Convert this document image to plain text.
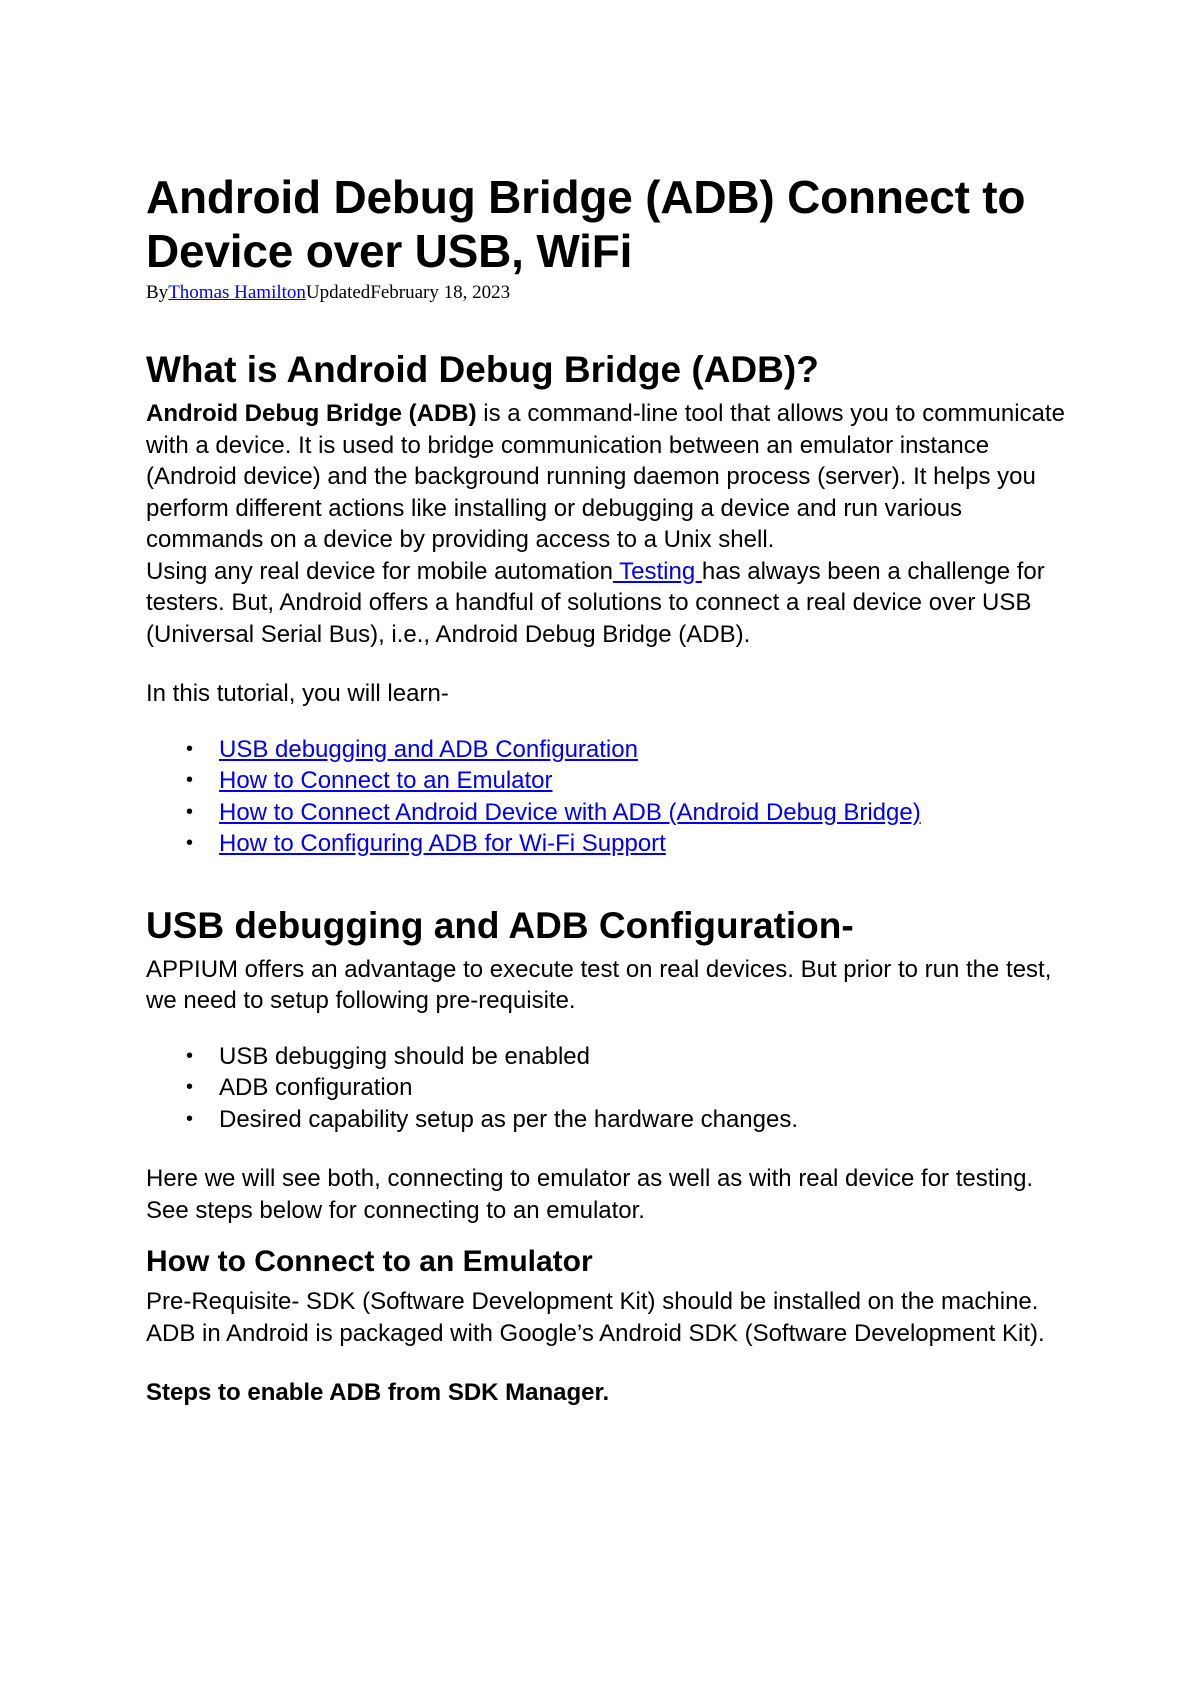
Android Debug Bridge (ADB) Connect to Device over USB, WiFi
ByThomas HamiltonUpdatedFebruary 18, 2023
What is Android Debug Bridge (ADB)?

Android Debug Bridge (ADB) is a command-line tool that allows you to communicate with a device. It is used to bridge communication between an emulator instance (Android device) and the background running daemon process (server). It helps you perform different actions like installing or debugging a device and run various commands on a device by providing access to a Unix shell.

Using any real device for mobile automation Testing has always been a challenge for testers. But, Android offers a handful of solutions to connect a real device over USB (Universal Serial Bus), i.e., Android Debug Bridge (ADB).

In this tutorial, you will learn-

• USB debugging and ADB Configuration
• How to Connect to an Emulator
• How to Connect Android Device with ADB (Android Debug Bridge)
• How to Configuring ADB for Wi-Fi Support
USB debugging and ADB Configuration-

APPIUM offers an advantage to execute test on real devices. But prior to run the test, we need to setup following pre-requisite.

• USB debugging should be enabled
• ADB configuration
• Desired capability setup as per the hardware changes.

Here we will see both, connecting to emulator as well as with real device for testing. See steps below for connecting to an emulator.

How to Connect to an Emulator

Pre-Requisite- SDK (Software Development Kit) should be installed on the machine. ADB in Android is packaged with Google’s Android SDK (Software Development Kit).

Steps to enable ADB from SDK Manager.
